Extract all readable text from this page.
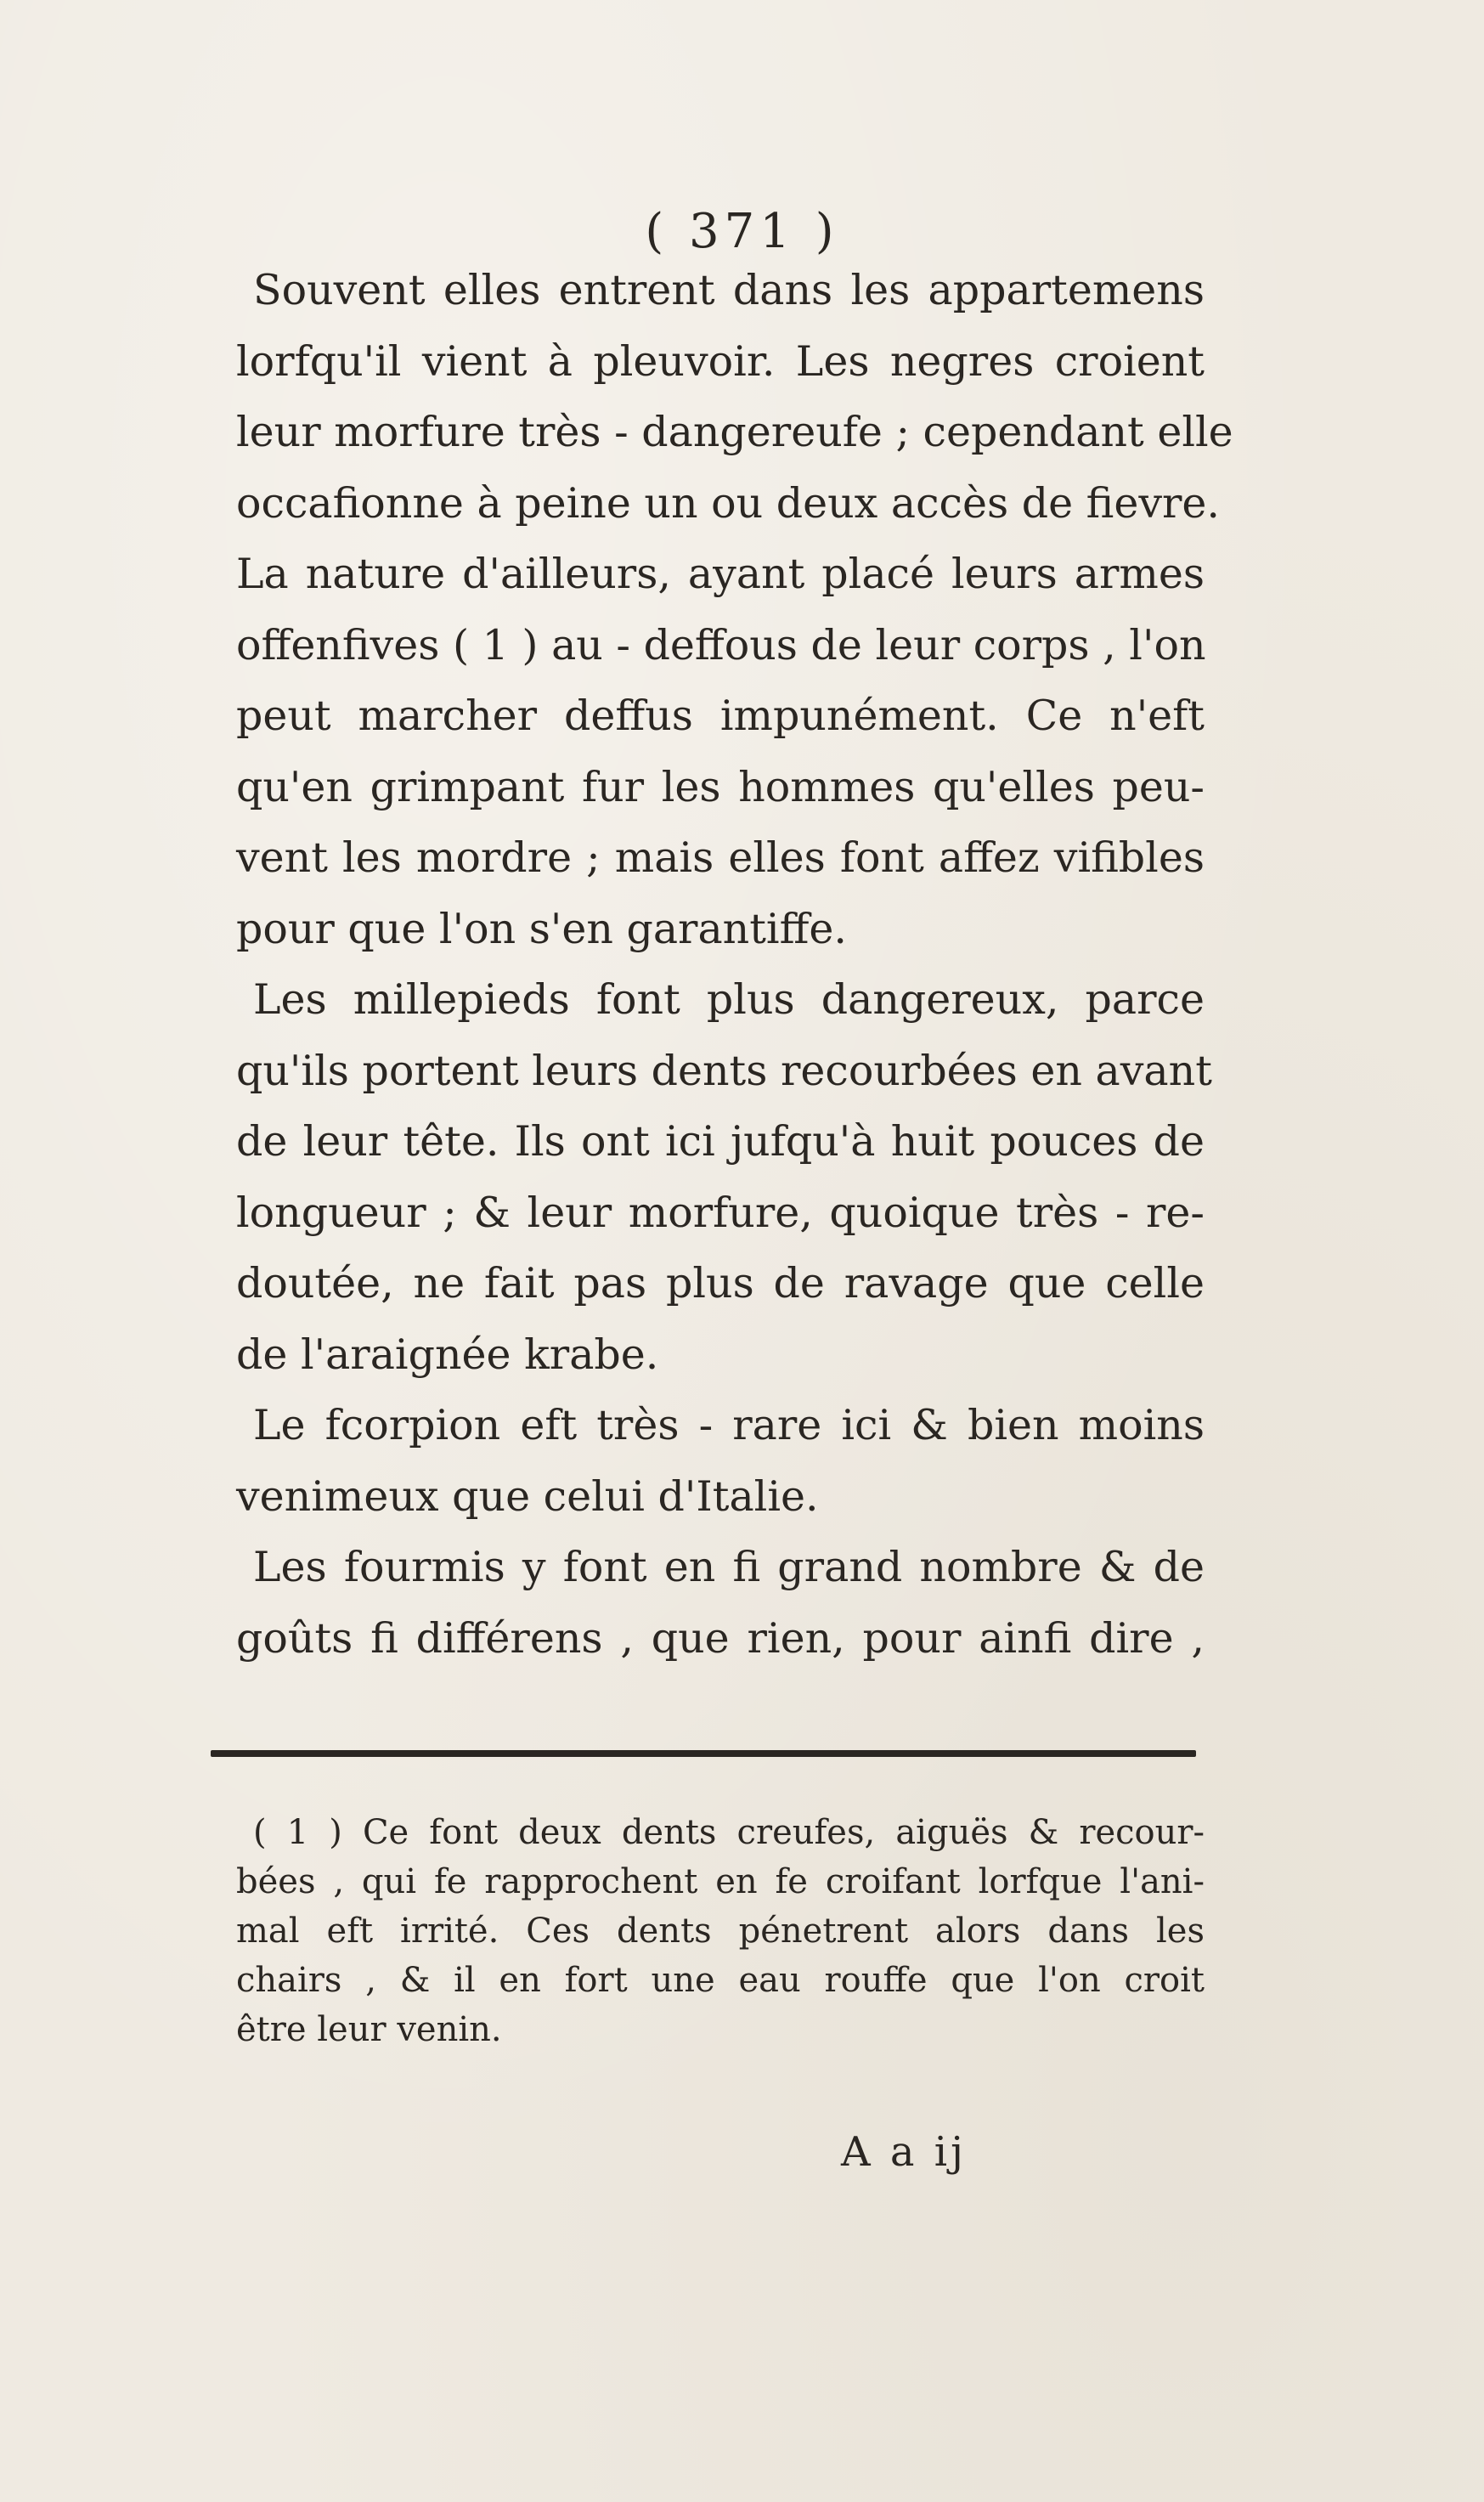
( 371 )
Souvent elles entrent dans les appartemens
lorfqu'il vient à pleuvoir. Les negres croient
leur morfure très - dangereufe ; cependant elle
occafionne à peine un ou deux accès de fievre.
La nature d'ailleurs, ayant placé leurs armes
offenfives ( 1 ) au - deffous de leur corps , l'on
peut marcher deffus impunément. Ce n'eft
qu'en grimpant fur les hommes qu'elles peu-
vent les mordre ; mais elles font affez vifibles
pour que l'on s'en garantiffe.
Les millepieds font plus dangereux, parce
qu'ils portent leurs dents recourbées en avant
de leur tête. Ils ont ici jufqu'à huit pouces de
longueur ; & leur morfure, quoique très - re-
doutée, ne fait pas plus de ravage que celle
de l'araignée krabe.
Le fcorpion eft très - rare ici & bien moins
venimeux que celui d'Italie.
Les fourmis y font en fi grand nombre & de
goûts fi différens , que rien, pour ainfi dire ,
( 1 ) Ce font deux dents creufes, aiguës & recour-
bées , qui fe rapprochent en fe croifant lorfque l'ani-
mal eft irrité. Ces dents pénetrent alors dans les
chairs , & il en fort une eau rouffe que l'on croit
être leur venin.
A a ij
